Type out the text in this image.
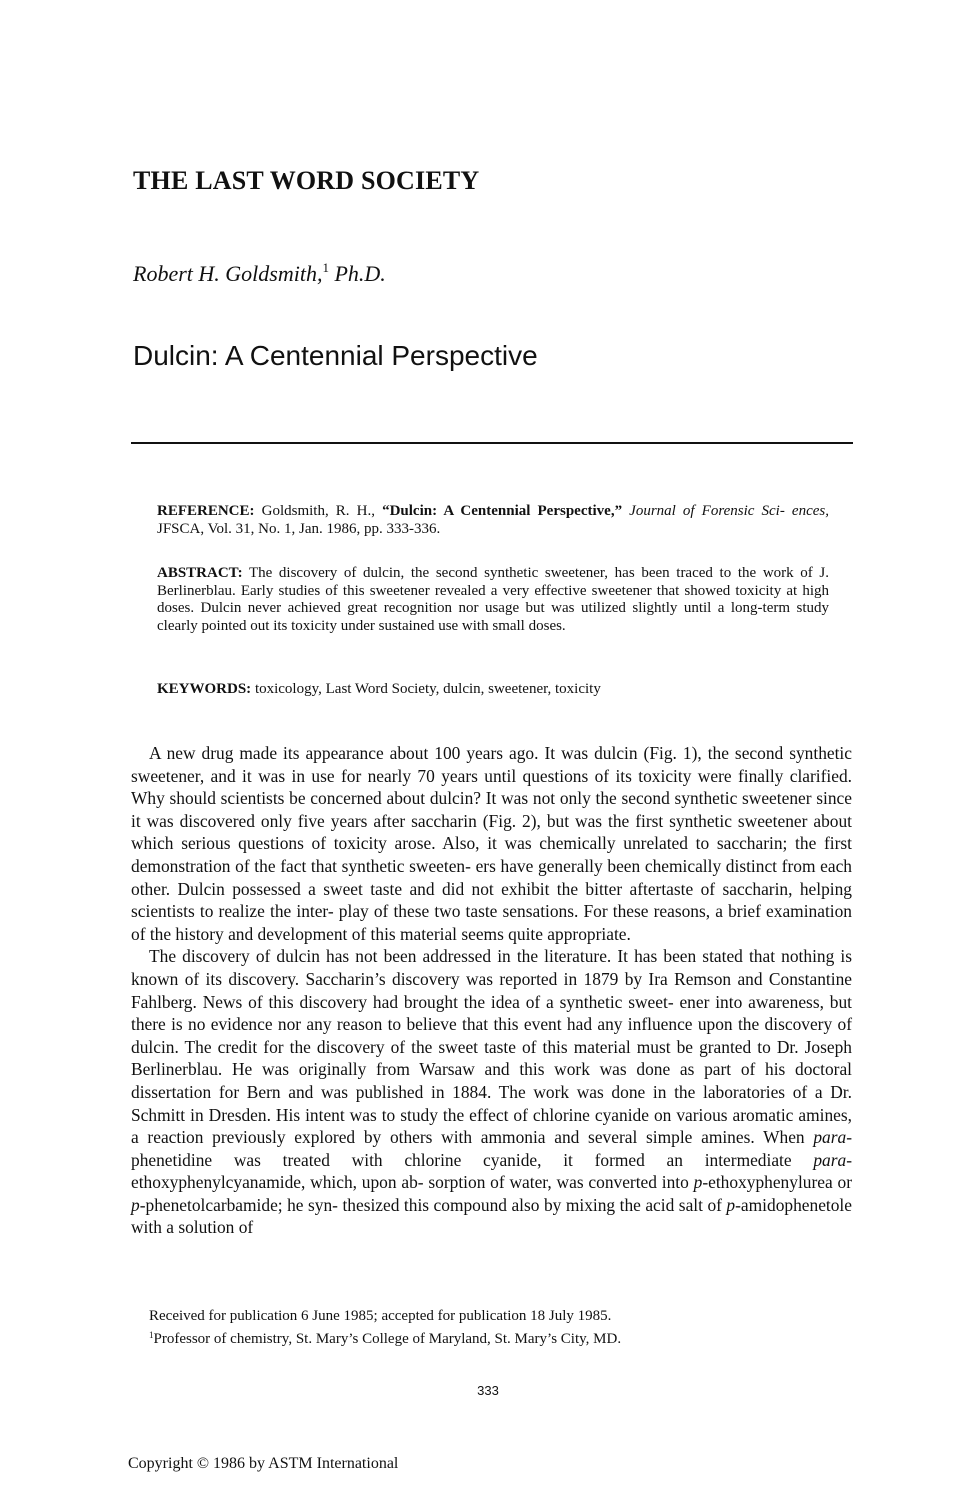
THE LAST WORD SOCIETY
Robert H. Goldsmith,$^1$ Ph.D.
Dulcin: A Centennial Perspective

REFERENCE: Goldsmith, R. H., “Dulcin: A Centennial Perspective,” Journal of Forensic Sci- ences, JFSCA, Vol. 31, No. 1, Jan. 1986, pp. 333-336.

ABSTRACT: The discovery of dulcin, the second synthetic sweetener, has been traced to the work of J. Berlinerblau. Early studies of this sweetener revealed a very effective sweetener that showed toxicity at high doses. Dulcin never achieved great recognition nor usage but was utilized slightly until a long-term study clearly pointed out its toxicity under sustained use with small doses.

KEYWORDS: toxicology, Last Word Society, dulcin, sweetener, toxicity

A new drug made its appearance about 100 years ago. It was dulcin (Fig. 1), the second synthetic sweetener, and it was in use for nearly 70 years until questions of its toxicity were finally clarified. Why should scientists be concerned about dulcin? It was not only the second synthetic sweetener since it was discovered only five years after saccharin (Fig. 2), but was the first synthetic sweetener about which serious questions of toxicity arose. Also, it was chemically unrelated to saccharin; the first demonstration of the fact that synthetic sweeten- ers have generally been chemically distinct from each other. Dulcin possessed a sweet taste and did not exhibit the bitter aftertaste of saccharin, helping scientists to realize the inter- play of these two taste sensations. For these reasons, a brief examination of the history and development of this material seems quite appropriate.

The discovery of dulcin has not been addressed in the literature. It has been stated that nothing is known of its discovery. Saccharin’s discovery was reported in 1879 by Ira Remson and Constantine Fahlberg. News of this discovery had brought the idea of a synthetic sweet- ener into awareness, but there is no evidence nor any reason to believe that this event had any influence upon the discovery of dulcin. The credit for the discovery of the sweet taste of this material must be granted to Dr. Joseph Berlinerblau. He was originally from Warsaw and this work was done as part of his doctoral dissertation for Bern and was published in 1884. The work was done in the laboratories of a Dr. Schmitt in Dresden. His intent was to study the effect of chlorine cyanide on various aromatic amines, a reaction previously explored by others with ammonia and several simple amines. When para-phenetidine was treated with chlorine cyanide, it formed an intermediate para-ethoxyphenylcyanamide, which, upon ab- sorption of water, was converted into p-ethoxyphenylurea or p-phenetolcarbamide; he syn- thesized this compound also by mixing the acid salt of p-amidophenetole with a solution of

Received for publication 6 June 1985; accepted for publication 18 July 1985.
$^1$Professor of chemistry, St. Mary’s College of Maryland, St. Mary’s City, MD.
333
Copyright © 1986 by ASTM International
